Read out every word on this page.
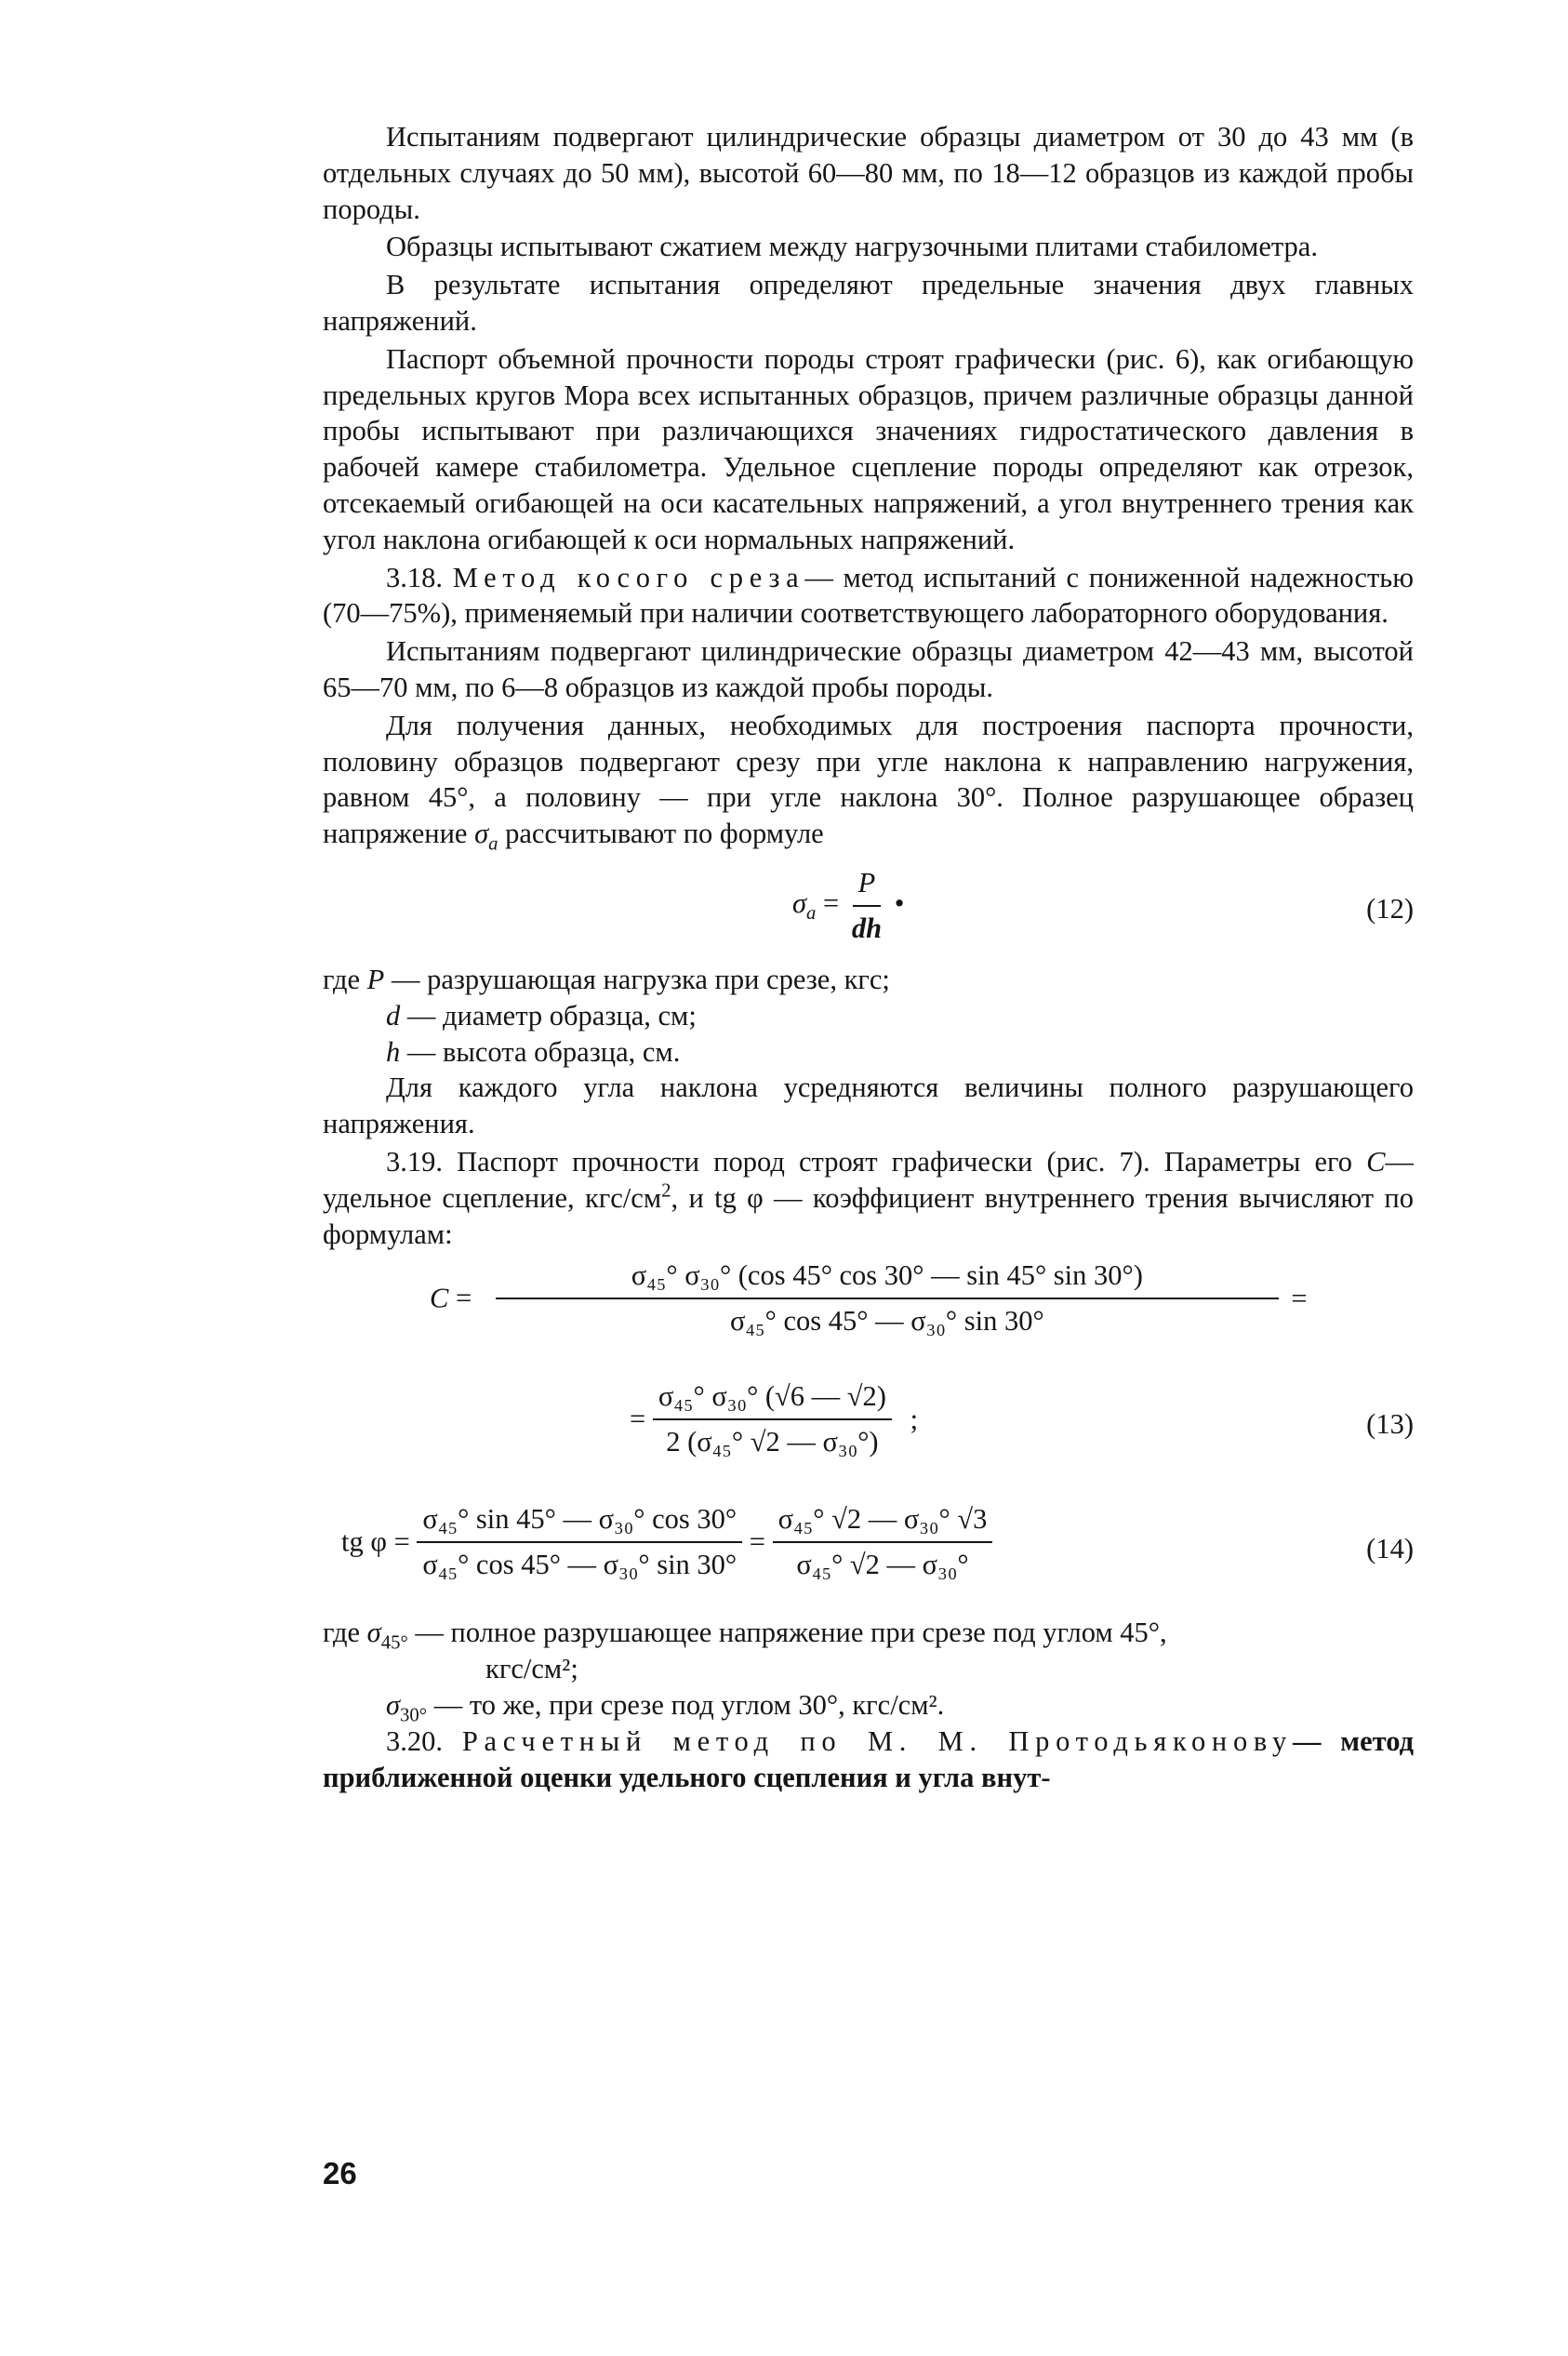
Испытаниям подвергают цилиндрические образцы диаметром от 30 до 43 мм (в отдельных случаях до 50 мм), высотой 60—80 мм, по 18—12 образцов из каждой пробы породы.

Образцы испытывают сжатием между нагрузочными плитами стабилометра.

В результате испытания определяют предельные значения двух главных напряжений.

Паспорт объемной прочности породы строят графически (рис. 6), как огибающую предельных кругов Мора всех испытанных образцов, причем различные образцы данной пробы испытывают при различающихся значениях гидростатического давления в рабочей камере стабилометра. Удельное сцепление породы определяют как отрезок, отсекаемый огибающей на оси касательных напряжений, а угол внутреннего трения как угол наклона огибающей к оси нормальных напряжений.

3.18. Метод косого среза— метод испытаний с пониженной надежностью (70—75%), применяемый при наличии соответствующего лабораторного оборудования.

Испытаниям подвергают цилиндрические образцы диаметром 42—43 мм, высотой 65—70 мм, по 6—8 образцов из каждой пробы породы.

Для получения данных, необходимых для построения паспорта прочности, половину образцов подвергают срезу при угле наклона к направлению нагружения, равном 45°, а половину — при угле наклона 30°. Полное разрушающее образец напряжение $\sigma_a$ рассчитывают по формуле

$\sigma_a = \frac{P}{dh}$ •	(12)
где P — разрушающая нагрузка при срезе, кгс;
d — диаметр образца, см;
h — высота образца, см.

Для каждого угла наклона усредняются величины полного разрушающего напряжения.

3.19. Паспорт прочности пород строят графически (рис. 7). Параметры его C— удельное сцепление, кгс/$см^2$, и tg φ — коэффициент внутреннего трения вычисляют по формулам:

$C = \frac{\text{σ₄₅° σ₃₀° (cos 45° cos 30° — sin 45° sin 30°)}}{\text{σ₄₅° cos 45° — σ₃₀° sin 30°}}$ =
= $\frac{\text{σ₄₅° σ₃₀° (√6 — √2)}}{\text{2 (σ₄₅° √2 — σ₃₀°)}}$ ;	(13)
tg $\varphi = \frac{\text{σ₄₅° sin 45° — σ₃₀° cos 30°}}{\text{σ₄₅° cos 45° — σ₃₀° sin 30°}} = \frac{\text{σ₄₅° √2 — σ₃₀° √3}}{\text{σ₄₅° √2 — σ₃₀°}}$	(14)
где $\sigma_{45^\circ}$ — полное разрушающее напряжение при срезе под углом 45°,
кгс/см²;
$\sigma_{30^\circ}$ — то же, при срезе под углом 30°, кгс/см².

3.20. Расчетный метод по М. М. Протодьяконову— метод приближенной оценки удельного сцепления и угла внут-

26
